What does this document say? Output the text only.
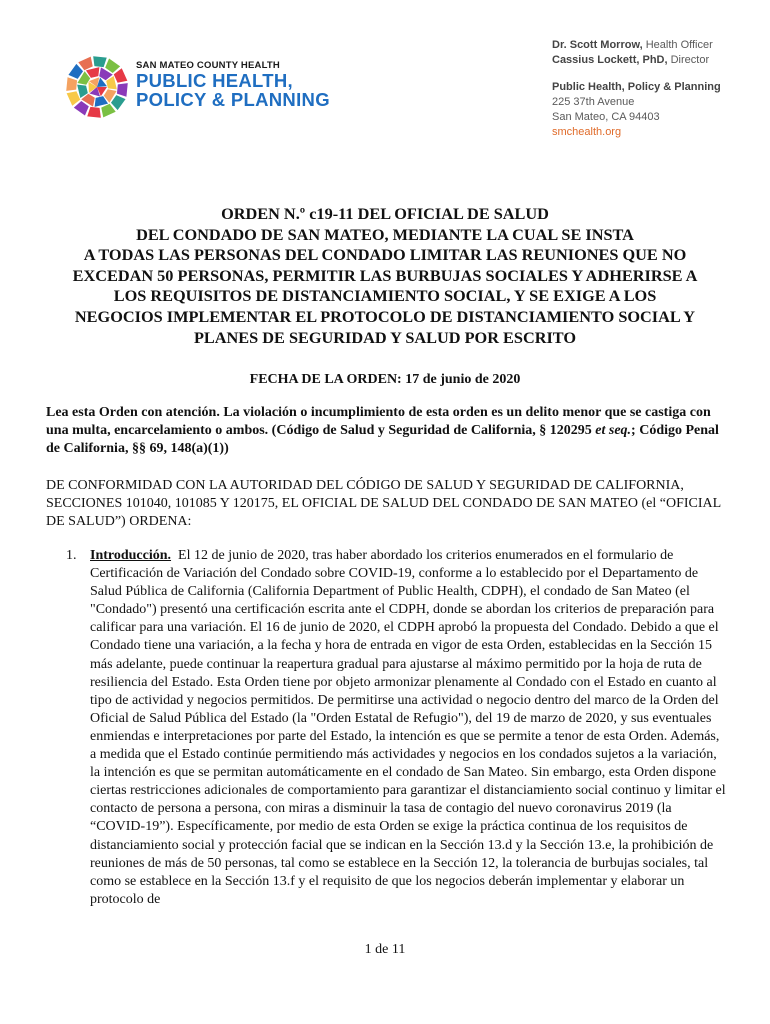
SAN MATEO COUNTY HEALTH
PUBLIC HEALTH,
POLICY & PLANNING
Dr. Scott Morrow, Health Officer
Cassius Lockett, PhD, Director
Public Health, Policy & Planning
225 37th Avenue
San Mateo, CA 94403
smchealth.org
ORDEN N.º c19-11 DEL OFICIAL DE SALUD
DEL CONDADO DE SAN MATEO, MEDIANTE LA CUAL SE INSTA
A TODAS LAS PERSONAS DEL CONDADO LIMITAR LAS REUNIONES QUE NO
EXCEDAN 50 PERSONAS, PERMITIR LAS BURBUJAS SOCIALES Y ADHERIRSE A
LOS REQUISITOS DE DISTANCIAMIENTO SOCIAL, Y SE EXIGE A LOS
NEGOCIOS IMPLEMENTAR EL PROTOCOLO DE DISTANCIAMIENTO SOCIAL Y
PLANES DE SEGURIDAD Y SALUD POR ESCRITO
FECHA DE LA ORDEN: 17 de junio de 2020
Lea esta Orden con atención. La violación o incumplimiento de esta orden es un delito menor que se castiga con una multa, encarcelamiento o ambos. (Código de Salud y Seguridad de California, § 120295 et seq.; Código Penal de California, §§ 69, 148(a)(1))
DE CONFORMIDAD CON LA AUTORIDAD DEL CÓDIGO DE SALUD Y SEGURIDAD DE CALIFORNIA, SECCIONES 101040, 101085 Y 120175, EL OFICIAL DE SALUD DEL CONDADO DE SAN MATEO (el “OFICIAL DE SALUD”) ORDENA:
1. Introducción. El 12 de junio de 2020, tras haber abordado los criterios enumerados en el formulario de Certificación de Variación del Condado sobre COVID-19, conforme a lo establecido por el Departamento de Salud Pública de California (California Department of Public Health, CDPH), el condado de San Mateo (el "Condado") presentó una certificación escrita ante el CDPH, donde se abordan los criterios de preparación para calificar para una variación. El 16 de junio de 2020, el CDPH aprobó la propuesta del Condado. Debido a que el Condado tiene una variación, a la fecha y hora de entrada en vigor de esta Orden, establecidas en la Sección 15 más adelante, puede continuar la reapertura gradual para ajustarse al máximo permitido por la hoja de ruta de resiliencia del Estado. Esta Orden tiene por objeto armonizar plenamente al Condado con el Estado en cuanto al tipo de actividad y negocios permitidos. De permitirse una actividad o negocio dentro del marco de la Orden del Oficial de Salud Pública del Estado (la "Orden Estatal de Refugio"), del 19 de marzo de 2020, y sus eventuales enmiendas e interpretaciones por parte del Estado, la intención es que se permite a tenor de esta Orden. Además, a medida que el Estado continúe permitiendo más actividades y negocios en los condados sujetos a la variación, la intención es que se permitan automáticamente en el condado de San Mateo. Sin embargo, esta Orden dispone ciertas restricciones adicionales de comportamiento para garantizar el distanciamiento social continuo y limitar el contacto de persona a persona, con miras a disminuir la tasa de contagio del nuevo coronavirus 2019 (la “COVID-19”). Específicamente, por medio de esta Orden se exige la práctica continua de los requisitos de distanciamiento social y protección facial que se indican en la Sección 13.d y la Sección 13.e, la prohibición de reuniones de más de 50 personas, tal como se establece en la Sección 12, la tolerancia de burbujas sociales, tal como se establece en la Sección 13.f y el requisito de que los negocios deberán implementar y elaborar un protocolo de
1 de 11
